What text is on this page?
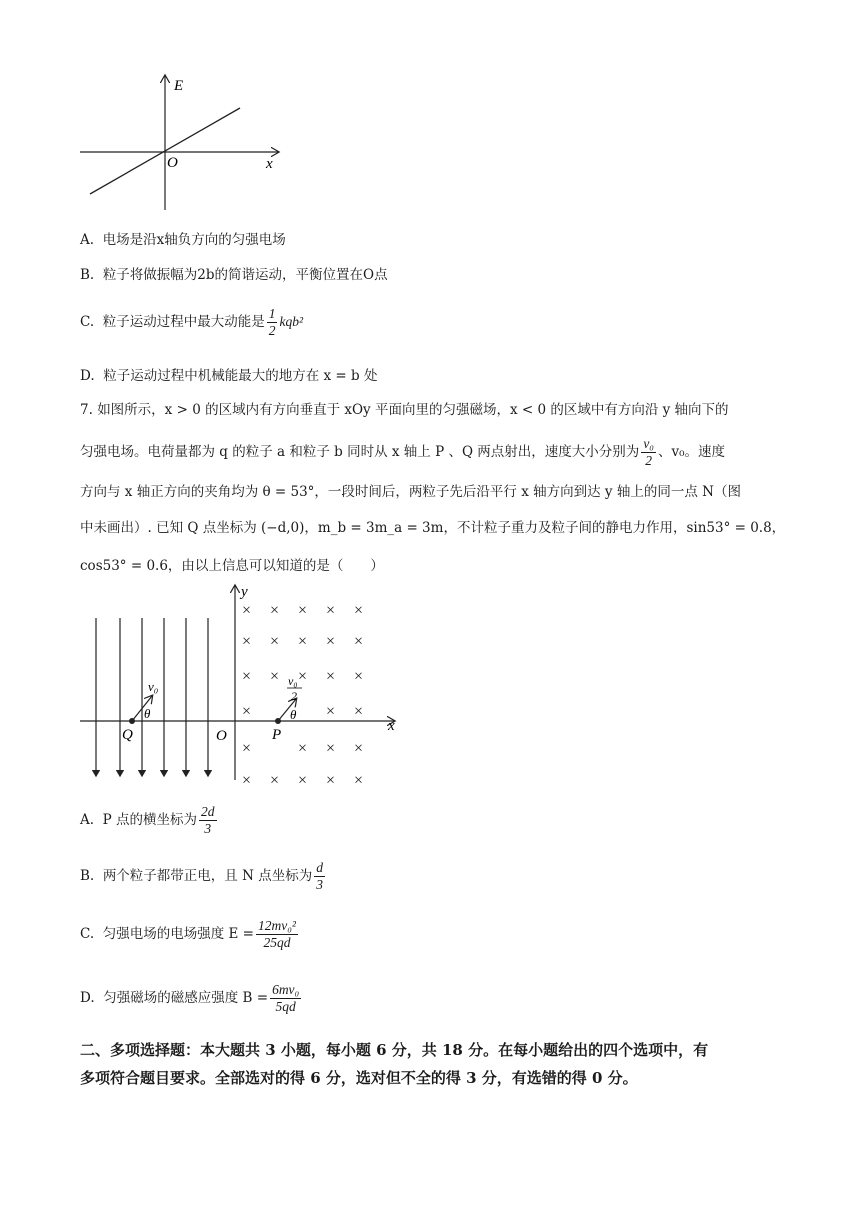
E
x
O
A. 电场是沿x轴负方向的匀强电场
B. 粒子将做振幅为2b的简谐运动，平衡位置在O点
C. 粒子运动过程中最大动能是 $\frac{1}{2} kqb^2$
D. 粒子运动过程中机械能最大的地方在 x = b 处
7. 如图所示，x > 0 的区域内有方向垂直于 xOy 平面向里的匀强磁场，x < 0 的区域中有方向沿 y 轴向下的
匀强电场。电荷量都为 q 的粒子 a 和粒子 b 同时从 x 轴上 P 、Q 两点射出，速度大小分别为 $\frac{\text{v₀}}{2}$ 、v₀。速度
方向与 x 轴正方向的夹角均为 θ = 53°，一段时间后，两粒子先后沿平行 x 轴方向到达 y 轴上的同一点 N（图
中未画出）. 已知 Q 点坐标为 (−d,0)，m_b = 3m_a = 3m，不计粒子重力及粒子间的静电力作用，sin53° = 0.8，
cos53° = 0.6，由以上信息可以知道的是（　　）
y
x
O
× × × × ×
× × × × ×
× × × × ×
×	× ×
×	× × ×
× × × × ×
Q
v₀
θ
P
v₀
2
θ
A. P 点的横坐标为 $\frac{2d}{3}$
B. 两个粒子都带正电，且 N 点坐标为 $\frac{d}{3}$
C. 匀强电场的电场强度 $E = \frac{\text{12mv₀²}}{25qd}$
D. 匀强磁场的磁感应强度 $B = \frac{\text{6mv₀}}{5qd}$
二、多项选择题：本大题共 3 小题，每小题 6 分，共 18 分。在每小题给出的四个选项中，有
多项符合题目要求。全部选对的得 6 分，选对但不全的得 3 分，有选错的得 0 分。
